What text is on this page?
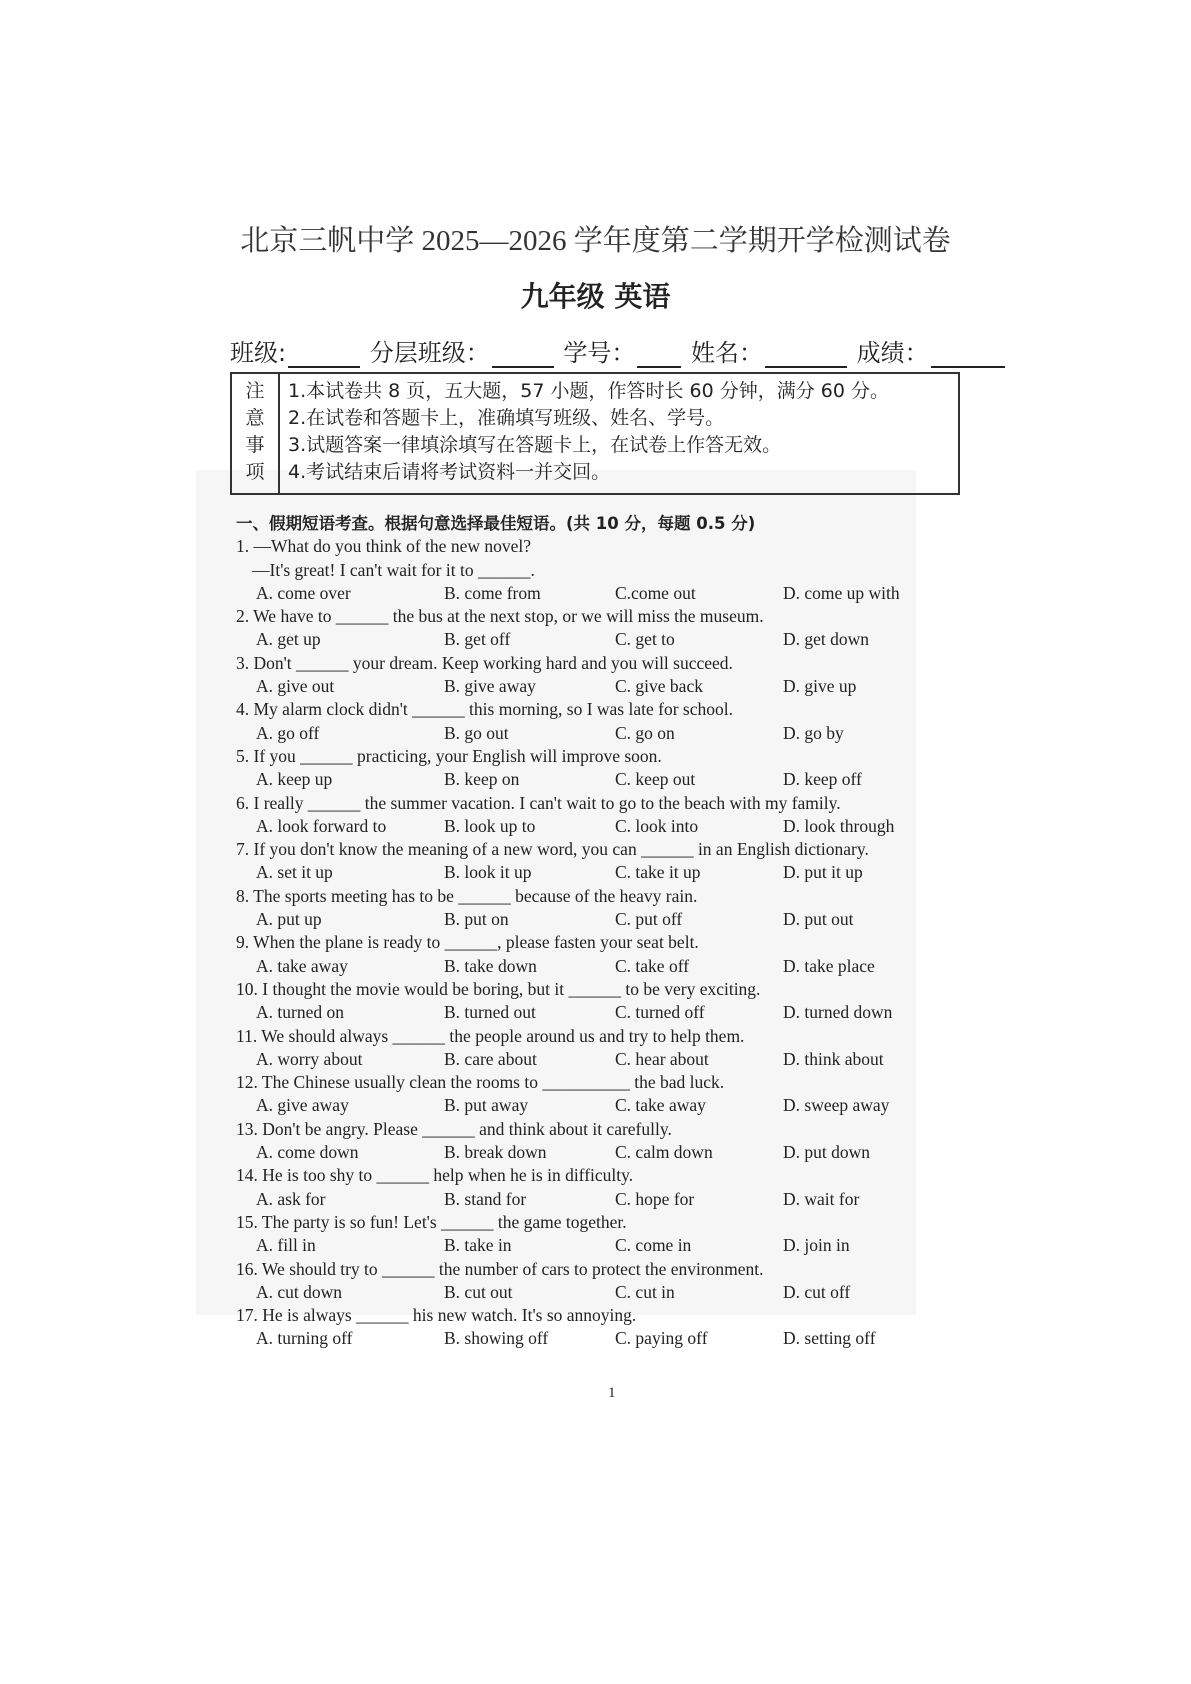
北京三帆中学 2025—2026 学年度第二学期开学检测试卷
九年级 英语
班级:	分层班级：	学号： 姓名：	成绩：
注
意
事
项
1.本试卷共 8 页，五大题，57 小题，作答时长 60 分钟，满分 60 分。
2.在试卷和答题卡上，准确填写班级、姓名、学号。
3.试题答案一律填涂填写在答题卡上，在试卷上作答无效。
4.考试结束后请将考试资料一并交回。
一、假期短语考查。根据句意选择最佳短语。(共 10 分，每题 0.5 分)
1. —What do you think of the new novel?
—It's great! I can't wait for it to ______.
A. come over	B. come from	C.come out	D. come up with
2. We have to ______ the bus at the next stop, or we will miss the museum.
A. get up	B. get off	C. get to	D. get down
3. Don't ______ your dream. Keep working hard and you will succeed.
A. give out	B. give away	C. give back	D. give up
4. My alarm clock didn't ______ this morning, so I was late for school.
A. go off	B. go out	C. go on	D. go by
5. If you ______ practicing, your English will improve soon.
A. keep up	B. keep on	C. keep out	D. keep off
6. I really ______ the summer vacation. I can't wait to go to the beach with my family.
A. look forward to	B. look up to	C. look into	D. look through
7. If you don't know the meaning of a new word, you can ______ in an English dictionary.
A. set it up	B. look it up	C. take it up	D. put it up
8. The sports meeting has to be ______ because of the heavy rain.
A. put up	B. put on	C. put off	D. put out
9. When the plane is ready to ______, please fasten your seat belt.
A. take away	B. take down	C. take off	D. take place
10. I thought the movie would be boring, but it ______ to be very exciting.
A. turned on	B. turned out	C. turned off	D. turned down
11. We should always ______ the people around us and try to help them.
A. worry about	B. care about	C. hear about	D. think about
12. The Chinese usually clean the rooms to __________ the bad luck.
A. give away	B. put away	C. take away	D. sweep away
13. Don't be angry. Please ______ and think about it carefully.
A. come down	B. break down	C. calm down	D. put down
14. He is too shy to ______ help when he is in difficulty.
A. ask for	B. stand for	C. hope for	D. wait for
15. The party is so fun! Let's ______ the game together.
A. fill in	B. take in	C. come in	D. join in
16. We should try to ______ the number of cars to protect the environment.
A. cut down	B. cut out	C. cut in	D. cut off
17. He is always ______ his new watch. It's so annoying.
A. turning off	B. showing off	C. paying off	D. setting off
1
